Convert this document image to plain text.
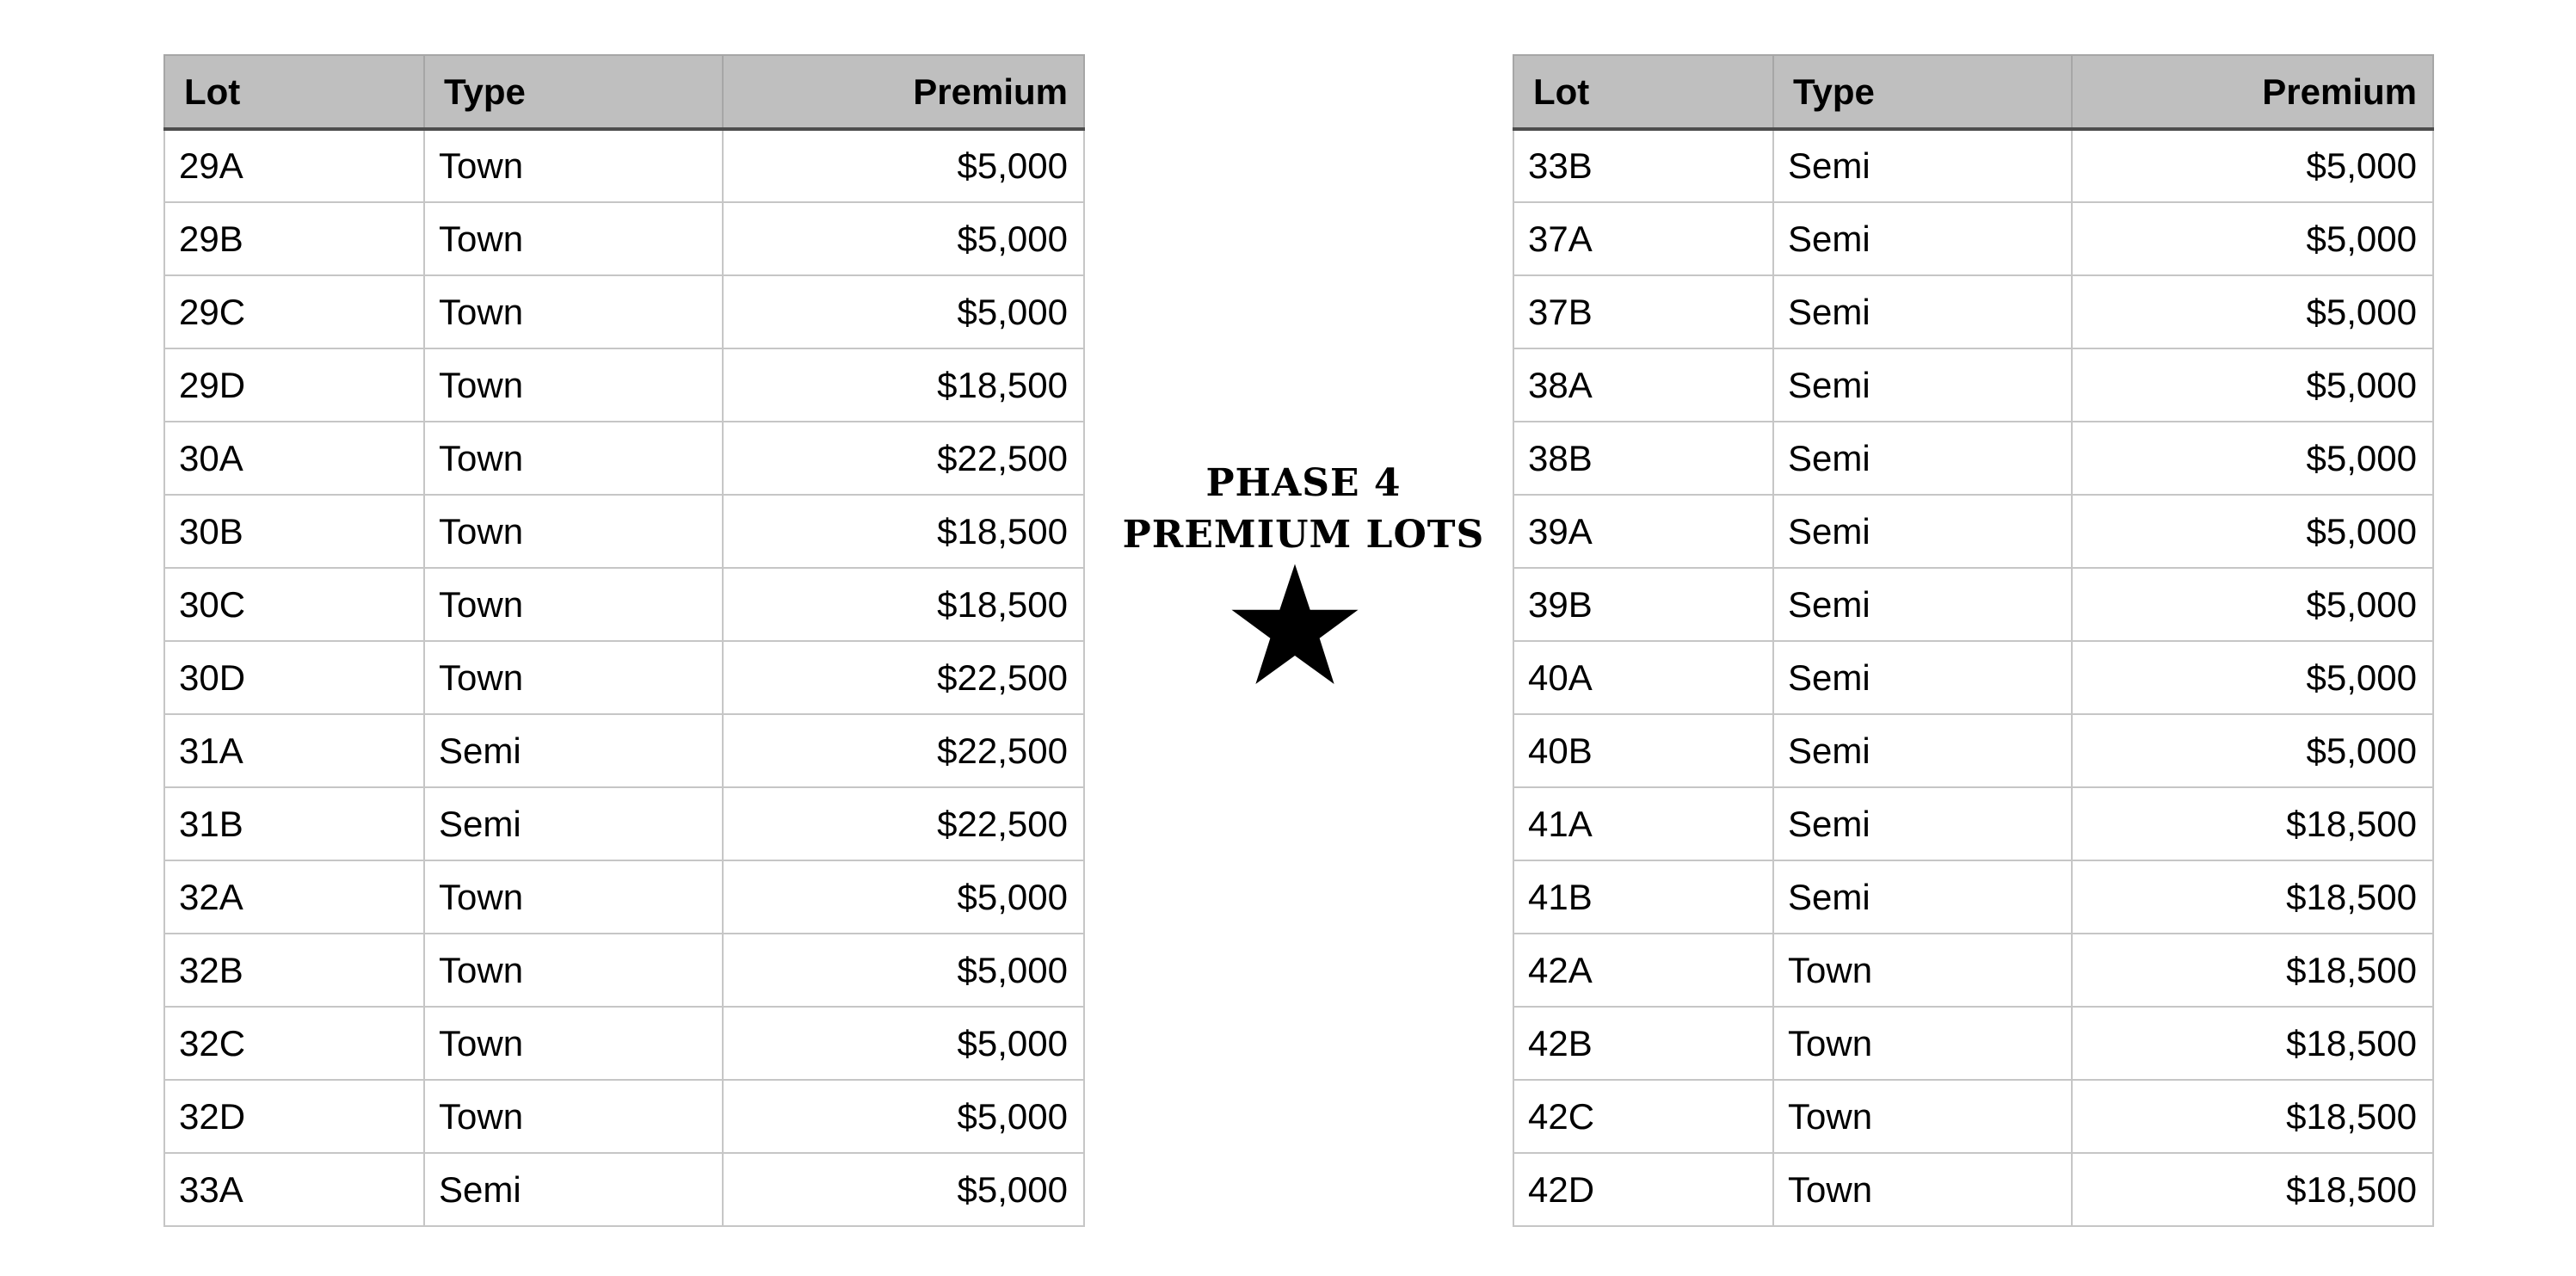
Lot	Type	Premium
29A	Town	$5,000
29B	Town	$5,000
29C	Town	$5,000
29D	Town	$18,500
30A	Town	$22,500
30B	Town	$18,500
30C	Town	$18,500
30D	Town	$22,500
31A	Semi	$22,500
31B	Semi	$22,500
32A	Town	$5,000
32B	Town	$5,000
32C	Town	$5,000
32D	Town	$5,000
33A	Semi	$5,000
PHASE 4
PREMIUM LOTS
Lot	Type	Premium
33B	Semi	$5,000
37A	Semi	$5,000
37B	Semi	$5,000
38A	Semi	$5,000
38B	Semi	$5,000
39A	Semi	$5,000
39B	Semi	$5,000
40A	Semi	$5,000
40B	Semi	$5,000
41A	Semi	$18,500
41B	Semi	$18,500
42A	Town	$18,500
42B	Town	$18,500
42C	Town	$18,500
42D	Town	$18,500
